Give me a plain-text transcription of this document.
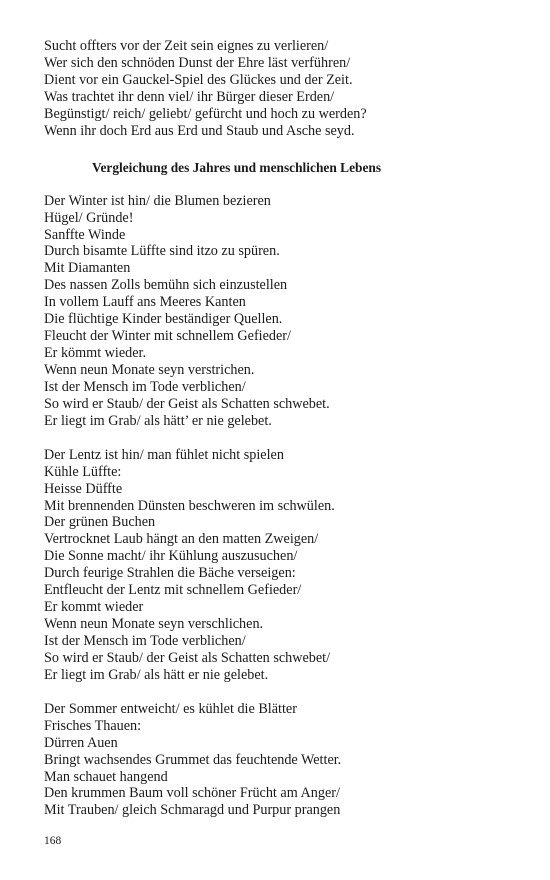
Sucht offters vor der Zeit sein eignes zu verlieren/
Wer sich den schnöden Dunst der Ehre läst verführen/
Dient vor ein Gauckel-Spiel des Glückes und der Zeit.
Was trachtet ihr denn viel/ ihr Bürger dieser Erden/
Begünstigt/ reich/ geliebt/ gefürcht und hoch zu werden?
Wenn ihr doch Erd aus Erd und Staub und Asche seyd.
Vergleichung des Jahres und menschlichen Lebens
Der Winter ist hin/ die Blumen bezieren
Hügel/ Gründe!
Sanffte Winde
Durch bisamte Lüffte sind itzo zu spüren.
Mit Diamanten
Des nassen Zolls bemühn sich einzustellen
In vollem Lauff ans Meeres Kanten
Die flüchtige Kinder beständiger Quellen.
Fleucht der Winter mit schnellem Gefieder/
Er kömmt wieder.
Wenn neun Monate seyn verstrichen.
Ist der Mensch im Tode verblichen/
So wird er Staub/ der Geist als Schatten schwebet.
Er liegt im Grab/ als hätt’ er nie gelebet.
Der Lentz ist hin/ man fühlet nicht spielen
Kühle Lüffte:
Heisse Düffte
Mit brennenden Dünsten beschweren im schwülen.
Der grünen Buchen
Vertrocknet Laub hängt an den matten Zweigen/
Die Sonne macht/ ihr Kühlung auszusuchen/
Durch feurige Strahlen die Bäche verseigen:
Entfleucht der Lentz mit schnellem Gefieder/
Er kommt wieder
Wenn neun Monate seyn verschlichen.
Ist der Mensch im Tode verblichen/
So wird er Staub/ der Geist als Schatten schwebet/
Er liegt im Grab/ als hätt er nie gelebet.
Der Sommer entweicht/ es kühlet die Blätter
Frisches Thauen:
Dürren Auen
Bringt wachsendes Grummet das feuchtende Wetter.
Man schauet hangend
Den krummen Baum voll schöner Frücht am Anger/
Mit Trauben/ gleich Schmaragd und Purpur prangen
168
